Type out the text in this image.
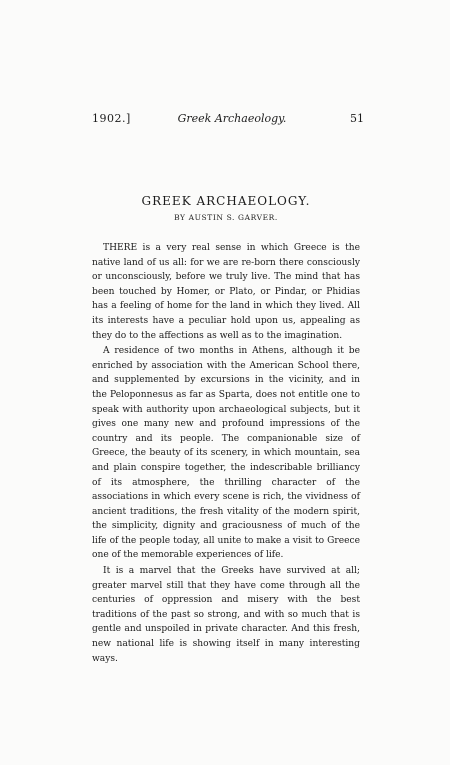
1902.]	Greek Archaeology.	51
GREEK ARCHAEOLOGY.

BY AUSTIN S. GARVER.

THERE is a very real sense in which Greece is the native land of us all: for we are re-born there consciously or unconsciously, before we truly live. The mind that has been touched by Homer, or Plato, or Pindar, or Phidias has a feeling of home for the land in which they lived. All its interests have a peculiar hold upon us, appealing as they do to the affections as well as to the imagination.

A residence of two months in Athens, although it be enriched by association with the American School there, and supplemented by excursions in the vicinity, and in the Peloponnesus as far as Sparta, does not entitle one to speak with authority upon archaeological subjects, but it gives one many new and profound impressions of the country and its people. The companionable size of Greece, the beauty of its scenery, in which mountain, sea and plain conspire together, the indescribable brilliancy of its atmosphere, the thrilling character of the associations in which every scene is rich, the vividness of ancient traditions, the fresh vitality of the modern spirit, the simplicity, dignity and graciousness of much of the life of the people today, all unite to make a visit to Greece one of the memorable experiences of life.

It is a marvel that the Greeks have survived at all; greater marvel still that they have come through all the centuries of oppression and misery with the best traditions of the past so strong, and with so much that is gentle and unspoiled in private character. And this fresh, new national life is showing itself in many interesting ways.
